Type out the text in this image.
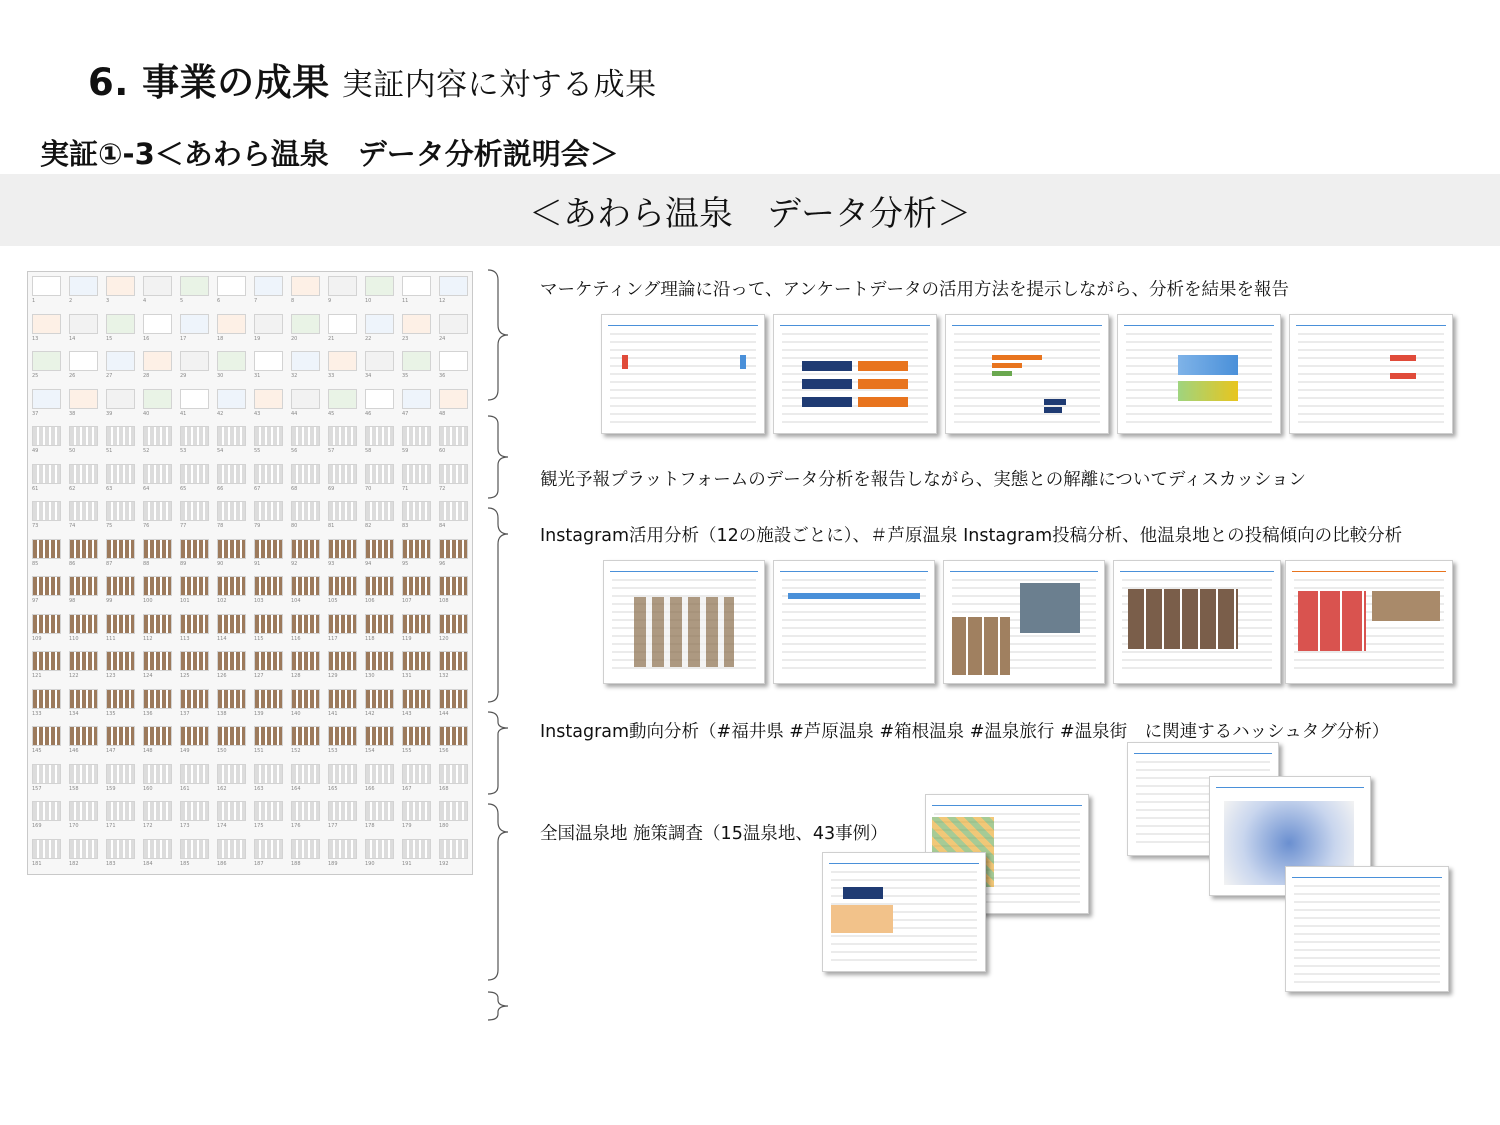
6. 事業の成果 実証内容に対する成果
実証①-3＜あわら温泉　データ分析説明会＞
＜あわら温泉　データ分析＞
1	2	3	4	5	6	7	8	9	10	11	12
13	14	15	16	17	18	19	20	21	22	23	24
25	26	27	28	29	30	31	32	33	34	35	36
37	38	39	40	41	42	43	44	45	46	47	48
49	50	51	52	53	54	55	56	57	58	59	60
61	62	63	64	65	66	67	68	69	70	71	72
73	74	75	76	77	78	79	80	81	82	83	84
85	86	87	88	89	90	91	92	93	94	95	96
97	98	99	100	101	102	103	104	105	106	107	108
109	110	111	112	113	114	115	116	117	118	119	120
121	122	123	124	125	126	127	128	129	130	131	132
133	134	135	136	137	138	139	140	141	142	143	144
145	146	147	148	149	150	151	152	153	154	155	156
157	158	159	160	161	162	163	164	165	166	167	168
169	170	171	172	173	174	175	176	177	178	179	180
181	182	183	184	185	186	187	188	189	190	191	192
マーケティング理論に沿って、アンケートデータの活用方法を提示しながら、分析を結果を報告
観光予報プラットフォームのデータ分析を報告しながら、実態との解離についてディスカッション
Instagram活用分析（12の施設ごとに）、＃芦原温泉 Instagram投稿分析、他温泉地との投稿傾向の比較分析
Instagram動向分析（#福井県 #芦原温泉 #箱根温泉 #温泉旅行 #温泉街　に関連するハッシュタグ分析）
全国温泉地 施策調査（15温泉地、43事例）
